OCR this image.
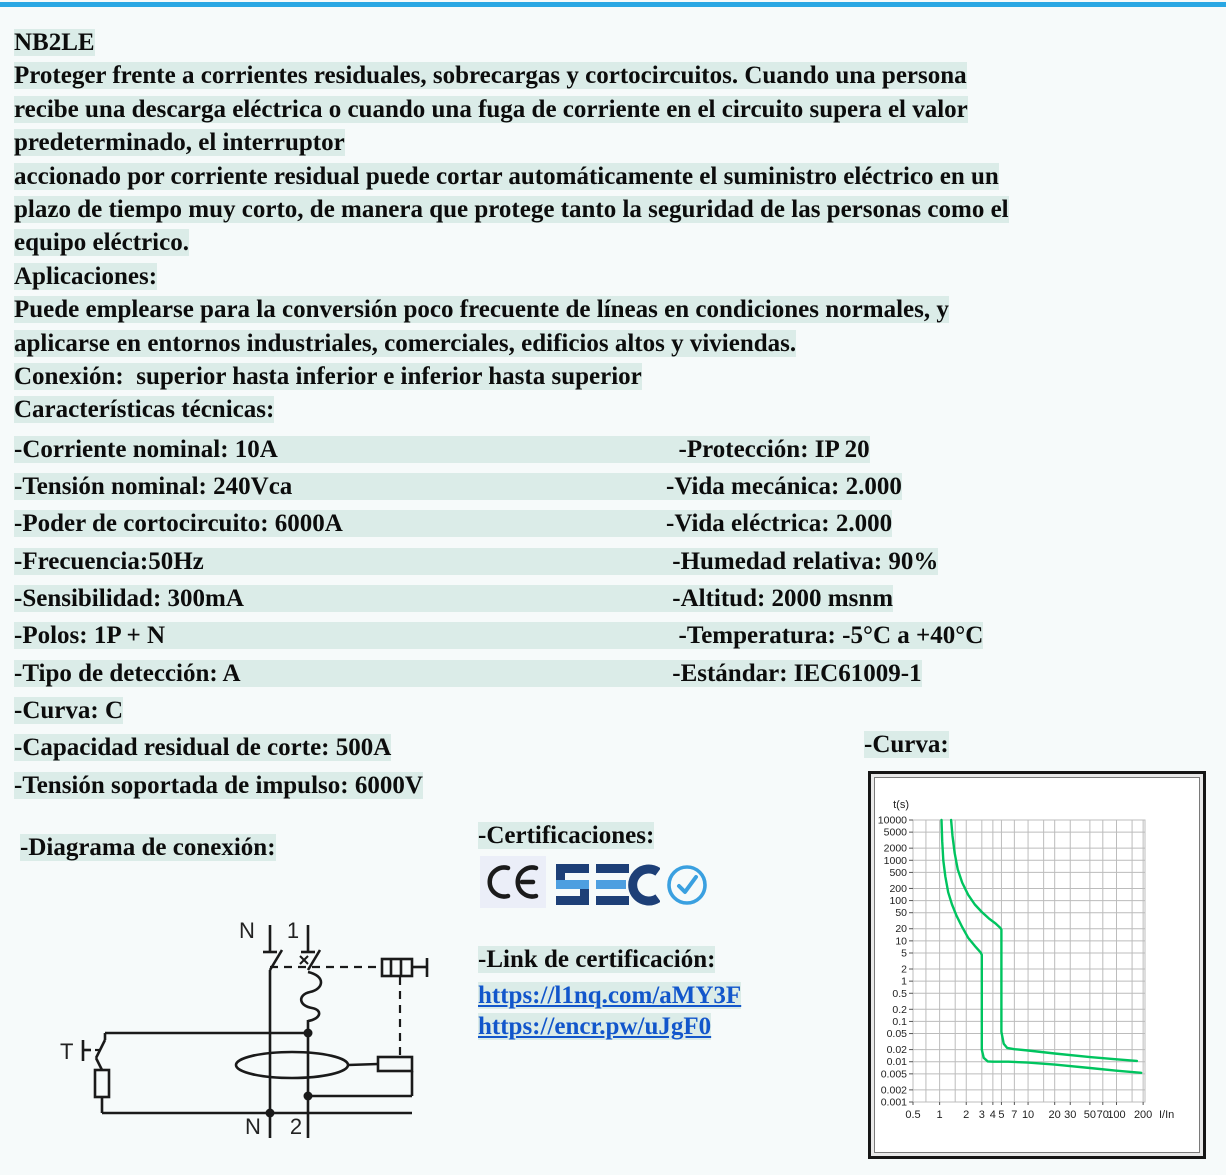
NB2LE
Proteger frente a corrientes residuales, sobrecargas y cortocircuitos. Cuando una persona
recibe una descarga eléctrica o cuando una fuga de corriente en el circuito supera el valor
predeterminado, el interruptor
accionado por corriente residual puede cortar automáticamente el suministro eléctrico en un
plazo de tiempo muy corto, de manera que protege tanto la seguridad de las personas como el
equipo eléctrico.
Aplicaciones:
Puede emplearse para la conversión poco frecuente de líneas en condiciones normales, y
aplicarse en entornos industriales, comerciales, edificios altos y viviendas.
Conexión:  superior hasta inferior e inferior hasta superior
Características técnicas:
-Corriente nominal: 10A	-Protección: IP 20
-Tensión nominal: 240Vca	-Vida mecánica: 2.000
-Poder de cortocircuito: 6000A	-Vida eléctrica: 2.000
-Frecuencia:50Hz	-Humedad relativa: 90%
-Sensibilidad: 300mA	-Altitud: 2000 msnm
-Polos: 1P + N	-Temperatura: -5°C a +40°C
-Tipo de detección: A	-Estándar: IEC61009-1
-Curva: C
-Capacidad residual de corte: 500A
-Tensión soportada de impulso: 6000V
-Diagrama de conexión:	-Certificaciones:
-Link de certificación:
-Curva:
https://l1nq.com/aMY3F
https://encr.pw/uJgF0
N 1
N 2
T
10000
5000
2000
1000
500
200
100
50
20
10
5
2
1
0.5
0.2
0.1
0.05
0.02
0.01
0.005
0.002
0.001
0.5 1 2 3 4 5 7 10 20 30 50 70
100 200
t(s)
I/In
